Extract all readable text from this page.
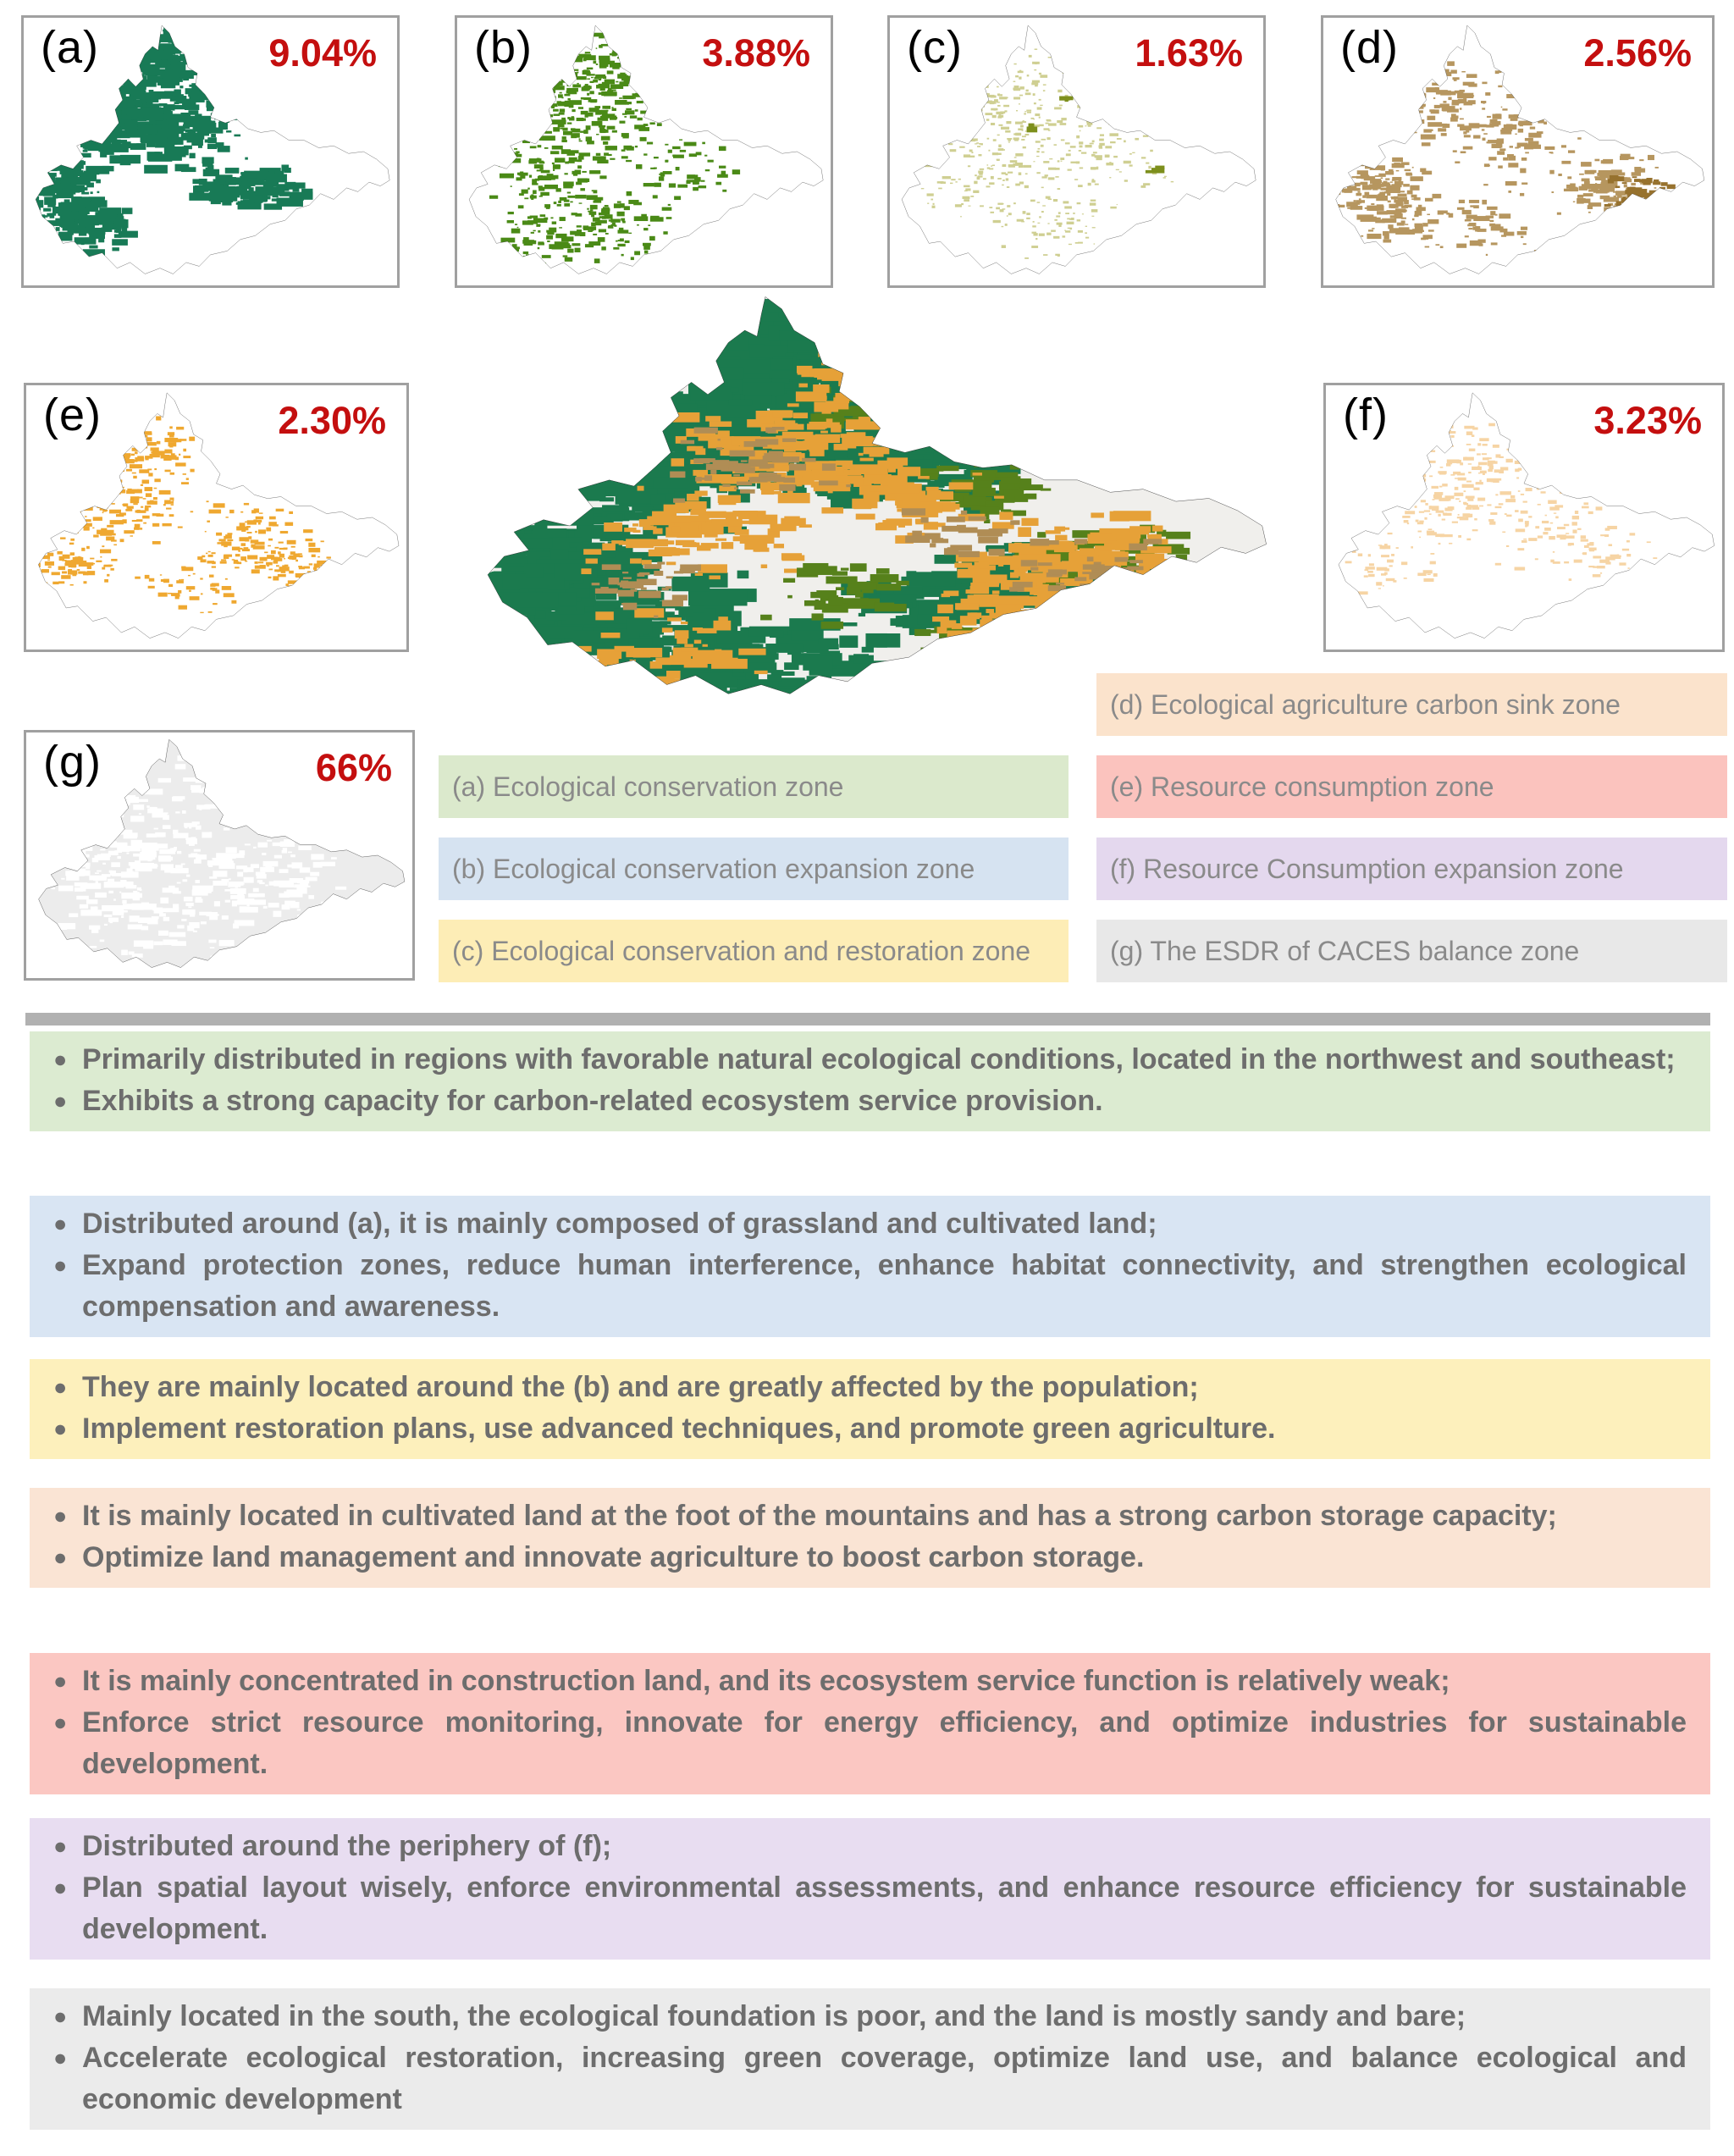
(a)	9.04% (b)	3.88% (c)	1.63% (d)	2.56%
(e)	2.30%	(f)	3.23%
(g)	66% (a) Ecological conservation zone
(b) Ecological conservation expansion zone
(c) Ecological conservation and restoration zone
(d) Ecological agriculture carbon sink zone
(e) Resource consumption zone
(f) Resource Consumption expansion zone
(g) The ESDR of CACES balance zone

● Primarily distributed in regions with favorable natural ecological conditions, located in the northwest and southeast;

● Exhibits a strong capacity for carbon-related ecosystem service provision.

● Distributed around (a), it is mainly composed of grassland and cultivated land;

● Expand protection zones, reduce human interference, enhance habitat connectivity, and strengthen ecological compensation and awareness.

● They are mainly located around the (b) and are greatly affected by the population;

● Implement restoration plans, use advanced techniques, and promote green agriculture.

● It is mainly located in cultivated land at the foot of the mountains and has a strong carbon storage capacity;

● Optimize land management and innovate agriculture to boost carbon storage.

● It is mainly concentrated in construction land, and its ecosystem service function is relatively weak;

● Enforce strict resource monitoring, innovate for energy efficiency, and optimize industries for sustainable development.

● Distributed around the periphery of (f);

● Plan spatial layout wisely, enforce environmental assessments, and enhance resource efficiency for sustainable development.

● Mainly located in the south, the ecological foundation is poor, and the land is mostly sandy and bare;

● Accelerate ecological restoration, increasing green coverage, optimize land use, and balance ecological and economic development
